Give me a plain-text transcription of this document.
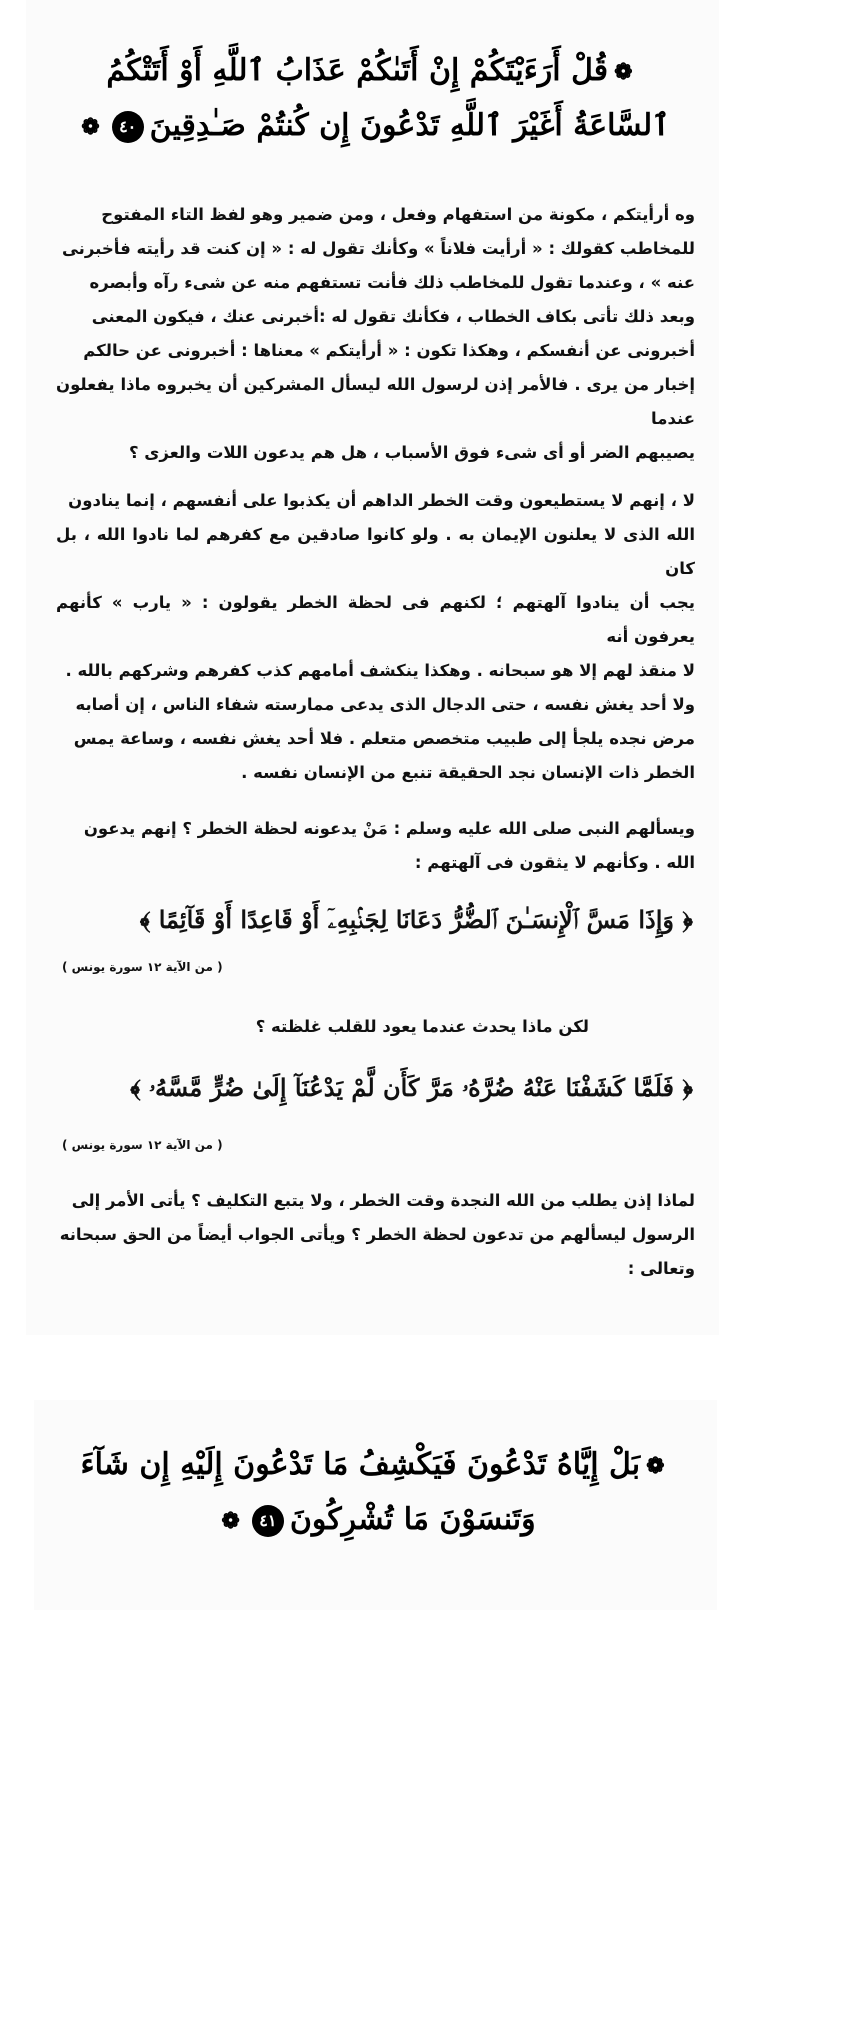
❁قُلْ أَرَءَيْتَكُمْ إِنْ أَتَىٰكُمْ عَذَابُ ٱللَّهِ أَوْ أَتَتْكُمُ
ٱلسَّاعَةُ أَغَيْرَ ٱللَّهِ تَدْعُونَ إِن كُنتُمْ صَـٰدِقِينَ٤٠❁

وه أرأيتكم ، مكونة من استفهام وفعل ، ومن ضمير وهو لفظ التاء المفتوح

للمخاطب كقولك : « أرأيت فلاناً » وكأنك تقول له : « إن كنت قد رأيته فأخبرنى

عنه » ، وعندما تقول للمخاطب ذلك فأنت تستفهم منه عن شىء رآه وأبصره

وبعد ذلك تأتى بكاف الخطاب ، فكأنك تقول له :أخبرنى عنك ، فيكون المعنى

أخبرونى عن أنفسكم ، وهكذا تكون : « أرأيتكم » معناها : أخبرونى عن حالكم

إخبار من يرى . فالأمر إذن لرسول الله ليسأل المشركين أن يخبروه ماذا يفعلون عندما

يصيبهم الضر أو أى شىء فوق الأسباب ، هل هم يدعون اللات والعزى ؟

لا ، إنهم لا يستطيعون وقت الخطر الداهم أن يكذبوا على أنفسهم ، إنما ينادون

الله الذى لا يعلنون الإيمان به . ولو كانوا صادقين مع كفرهم لما نادوا الله ، بل كان

يجب أن ينادوا آلهتهم ؛ لكنهم فى لحظة الخطر يقولون : « يارب » كأنهم يعرفون أنه

لا منقذ لهم إلا هو سبحانه . وهكذا ينكشف أمامهم كذب كفرهم وشركهم بالله .

ولا أحد يغش نفسه ، حتى الدجال الذى يدعى ممارسته شفاء الناس ، إن أصابه

مرض نجده يلجأ إلى طبيب متخصص متعلم . فلا أحد يغش نفسه ، وساعة يمس

الخطر ذات الإنسان نجد الحقيقة تنبع من الإنسان نفسه .

ويسألهم النبى صلى الله عليه وسلم : مَنْ يدعونه لحظة الخطر ؟ إنهم يدعون

الله . وكأنهم لا يثقون فى آلهتهم :

﴿ وَإِذَا مَسَّ ٱلْإِنسَـٰنَ ٱلضُّرُّ دَعَانَا لِجَنۢبِهِۦٓ أَوْ قَاعِدًا أَوْ قَآئِمًا ﴾
( من الآية ١٢ سورة يونس )
لكن ماذا يحدث عندما يعود للقلب غلظته ؟
﴿ فَلَمَّا كَشَفْنَا عَنْهُ ضُرَّهُۥ مَرَّ كَأَن لَّمْ يَدْعُنَآ إِلَىٰ ضُرٍّ مَّسَّهُۥ ﴾
( من الآية ١٢ سورة يونس )

لماذا إذن يطلب من الله النجدة وقت الخطر ، ولا يتبع التكليف ؟ يأتى الأمر إلى

الرسول ليسألهم من تدعون لحظة الخطر ؟ ويأتى الجواب أيضاً من الحق سبحانه

وتعالى :

❁بَلْ إِيَّاهُ تَدْعُونَ فَيَكْشِفُ مَا تَدْعُونَ إِلَيْهِ إِن شَآءَ
وَتَنسَوْنَ مَا تُشْرِكُونَ٤١❁
